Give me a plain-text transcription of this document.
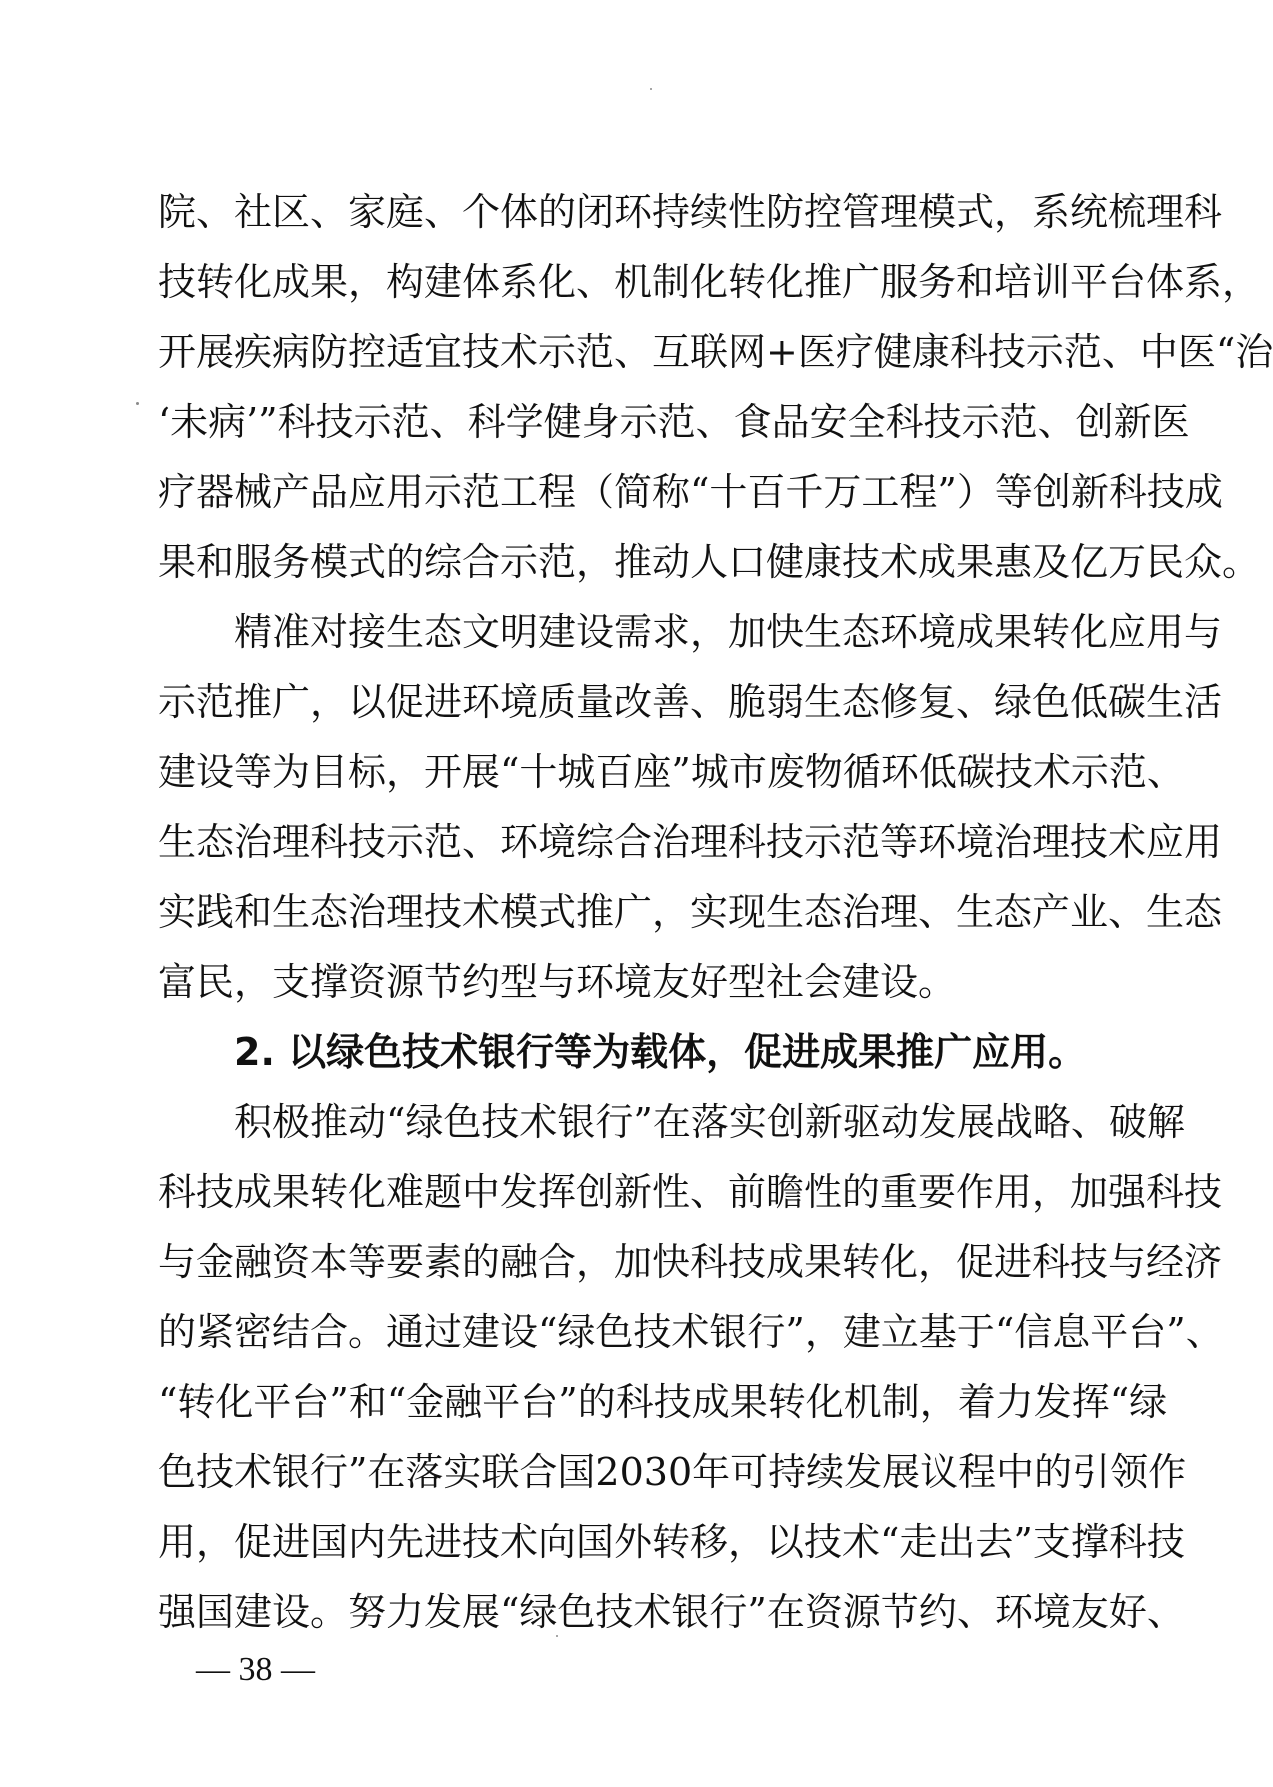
院、社区、家庭、个体的闭环持续性防控管理模式，系统梳理科
技转化成果，构建体系化、机制化转化推广服务和培训平台体系，
开展疾病防控适宜技术示范、互联网+医疗健康科技示范、中医“治
‘未病’”科技示范、科学健身示范、食品安全科技示范、创新医
疗器械产品应用示范工程（简称“十百千万工程”）等创新科技成
果和服务模式的综合示范，推动人口健康技术成果惠及亿万民众。
　　精准对接生态文明建设需求，加快生态环境成果转化应用与
示范推广，以促进环境质量改善、脆弱生态修复、绿色低碳生活
建设等为目标，开展“十城百座”城市废物循环低碳技术示范、
生态治理科技示范、环境综合治理科技示范等环境治理技术应用
实践和生态治理技术模式推广，实现生态治理、生态产业、生态
富民，支撑资源节约型与环境友好型社会建设。
　　2. 以绿色技术银行等为载体，促进成果推广应用。
　　积极推动“绿色技术银行”在落实创新驱动发展战略、破解
科技成果转化难题中发挥创新性、前瞻性的重要作用，加强科技
与金融资本等要素的融合，加快科技成果转化，促进科技与经济
的紧密结合。通过建设“绿色技术银行”，建立基于“信息平台”、
“转化平台”和“金融平台”的科技成果转化机制，着力发挥“绿
色技术银行”在落实联合国2030年可持续发展议程中的引领作
用，促进国内先进技术向国外转移，以技术“走出去”支撑科技
强国建设。努力发展“绿色技术银行”在资源节约、环境友好、
— 38 —
